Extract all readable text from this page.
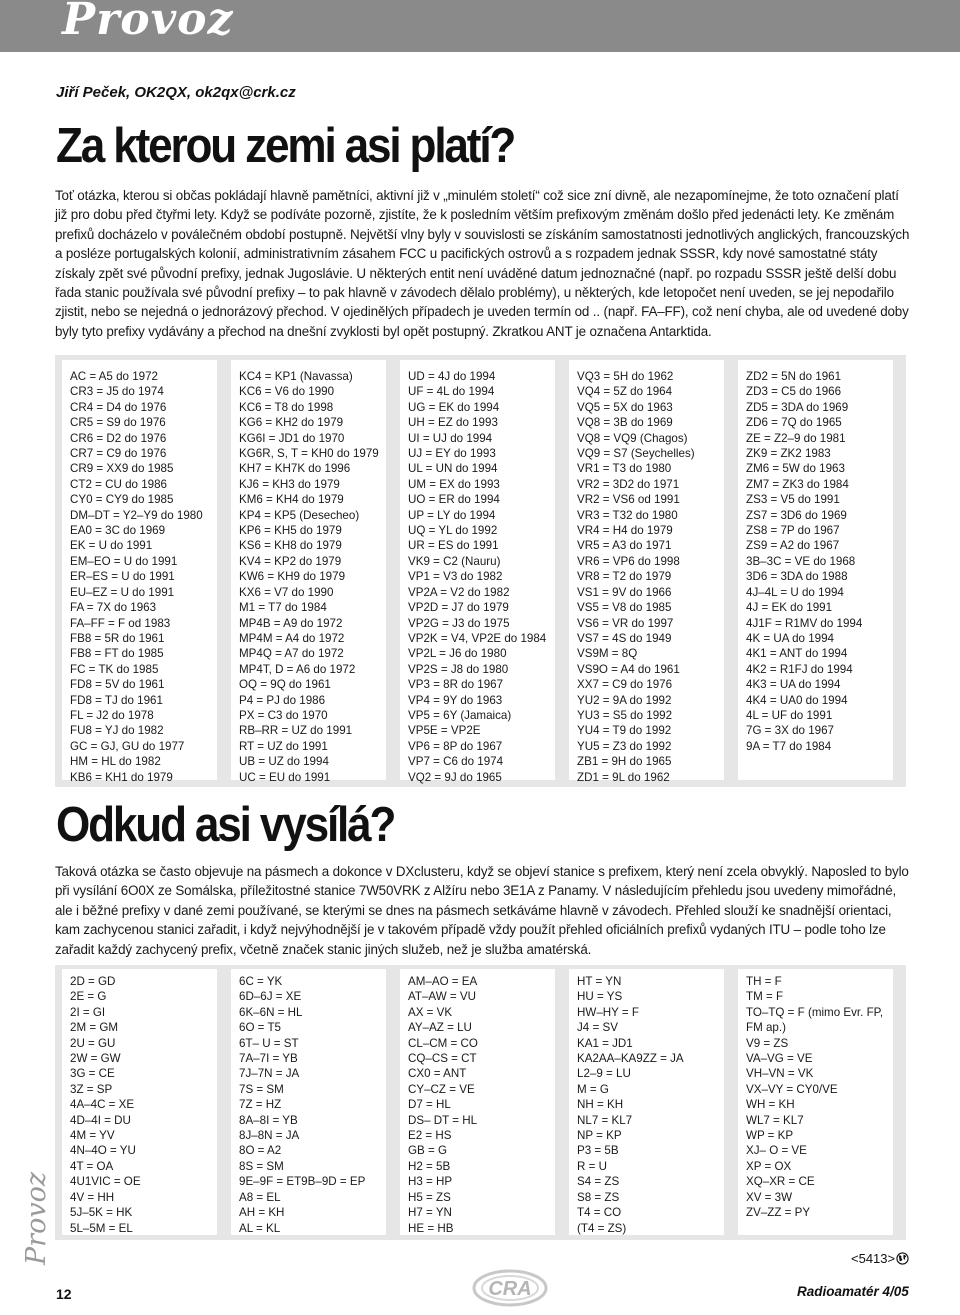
Provoz
Jiří Peček, OK2QX, ok2qx@crk.cz
Za kterou zemi asi platí?
Toť otázka, kterou si občas pokládají hlavně pamětníci, aktivní již v „minulém století“ což sice zní divně, ale nezapomínejme, že toto označení platí již pro dobu před čtyřmi lety. Když se podíváte pozorně, zjistíte, že k posledním větším prefixovým změnám došlo před jedenácti lety. Ke změnám prefixů docházelo v poválečném období postupně. Největší vlny byly v souvislosti se získáním samostatnosti jednotlivých anglických, francouzských a posléze portugalských kolonií, administrativním zásahem FCC u pacifických ostrovů a s rozpadem jednak SSSR, kdy nové samostatné státy získaly zpět své původní prefixy, jednak Jugoslávie. U některých entit není uváděné datum jednoznačné (např. po rozpadu SSSR ještě delší dobu řada stanic používala své původní prefixy – to pak hlavně v závodech dělalo problémy), u některých, kde letopočet není uveden, se jej nepodařilo zjistit, nebo se nejedná o jednorázový přechod. V ojedinělých případech je uveden termín od .. (např. FA–FF), což není chyba, ale od uvedené doby byly tyto prefixy vydávány a přechod na dnešní zvyklosti byl opět postupný. Zkratkou ANT je označena Antarktida.
AC = A5 do 1972
CR3 = J5 do 1974
CR4 = D4 do 1976
CR5 = S9 do 1976
CR6 = D2 do 1976
CR7 = C9 do 1976
CR9 = XX9 do 1985
CT2 = CU do 1986
CY0 = CY9 do 1985
DM–DT = Y2–Y9 do 1980
EA0 = 3C do 1969
EK = U do 1991
EM–EO = U do 1991
ER–ES = U do 1991
EU–EZ = U do 1991
FA = 7X do 1963
FA–FF = F od 1983
FB8 = 5R do 1961
FB8 = FT do 1985
FC = TK do 1985
FD8 = 5V do 1961
FD8 = TJ do 1961
FL = J2 do 1978
FU8 = YJ do 1982
GC = GJ, GU do 1977
HM = HL do 1982
KB6 = KH1 do 1979
KC4 = KP1 (Navassa)
KC6 = V6 do 1990
KC6 = T8 do 1998
KG6 = KH2 do 1979
KG6I = JD1 do 1970
KG6R, S, T = KH0 do 1979
KH7 = KH7K do 1996
KJ6 = KH3 do 1979
KM6 = KH4 do 1979
KP4 = KP5 (Desecheo)
KP6 = KH5 do 1979
KS6 = KH8 do 1979
KV4 = KP2 do 1979
KW6 = KH9 do 1979
KX6 = V7 do 1990
M1 = T7 do 1984
MP4B = A9 do 1972
MP4M = A4 do 1972
MP4Q = A7 do 1972
MP4T, D = A6 do 1972
OQ = 9Q do 1961
P4 = PJ do 1986
PX = C3 do 1970
RB–RR = UZ do 1991
RT = UZ do 1991
UB = UZ do 1994
UC = EU do 1991
UD = 4J do 1994
UF = 4L do 1994
UG = EK do 1994
UH = EZ do 1993
UI = UJ do 1994
UJ = EY do 1993
UL = UN do 1994
UM = EX do 1993
UO = ER do 1994
UP = LY do 1994
UQ = YL do 1992
UR = ES do 1991
VK9 = C2 (Nauru)
VP1 = V3 do 1982
VP2A = V2 do 1982
VP2D = J7 do 1979
VP2G = J3 do 1975
VP2K = V4, VP2E do 1984
VP2L = J6 do 1980
VP2S = J8 do 1980
VP3 = 8R do 1967
VP4 = 9Y do 1963
VP5 = 6Y (Jamaica)
VP5E = VP2E
VP6 = 8P do 1967
VP7 = C6 do 1974
VQ2 = 9J do 1965
VQ3 = 5H do 1962
VQ4 = 5Z do 1964
VQ5 = 5X do 1963
VQ8 = 3B do 1969
VQ8 = VQ9 (Chagos)
VQ9 = S7 (Seychelles)
VR1 = T3 do 1980
VR2 = 3D2 do 1971
VR2 = VS6 od 1991
VR3 = T32 do 1980
VR4 = H4 do 1979
VR5 = A3 do 1971
VR6 = VP6 do 1998
VR8 = T2 do 1979
VS1 = 9V do 1966
VS5 = V8 do 1985
VS6 = VR do 1997
VS7 = 4S do 1949
VS9M = 8Q
VS9O = A4 do 1961
XX7 = C9 do 1976
YU2 = 9A do 1992
YU3 = S5 do 1992
YU4 = T9 do 1992
YU5 = Z3 do 1992
ZB1 = 9H do 1965
ZD1 = 9L do 1962
ZD2 = 5N do 1961
ZD3 = C5 do 1966
ZD5 = 3DA do 1969
ZD6 = 7Q do 1965
ZE = Z2–9 do 1981
ZK9 = ZK2 1983
ZM6 = 5W do 1963
ZM7 = ZK3 do 1984
ZS3 = V5 do 1991
ZS7 = 3D6 do 1969
ZS8 = 7P do 1967
ZS9 = A2 do 1967
3B–3C = VE do 1968
3D6 = 3DA do 1988
4J–4L = U do 1994
4J = EK do 1991
4J1F = R1MV do 1994
4K = UA do 1994
4K1 = ANT do 1994
4K2 = R1FJ do 1994
4K3 = UA do 1994
4K4 = UA0 do 1994
4L = UF do 1991
7G = 3X do 1967
9A = T7 do 1984
Odkud asi vysílá?
Taková otázka se často objevuje na pásmech a dokonce v DXclusteru, když se objeví stanice s prefixem, který není zcela obvyklý. Naposled to bylo při vysílání 6O0X ze Somálska, příležitostné stanice 7W50VRK z Alžíru nebo 3E1A z Panamy. V následujícím přehledu jsou uvedeny mimořádné, ale i běžné prefixy v dané zemi používané, se kterými se dnes na pásmech setkáváme hlavně v závodech. Přehled slouží ke snadnější orientaci, kam zachycenou stanici zařadit, i když nejvýhodnější je v takovém případě vždy použít přehled oficiálních prefixů vydaných ITU – podle toho lze zařadit každý zachycený prefix, včetně značek stanic jiných služeb, než je služba amatérská.
2D = GD
2E = G
2I = GI
2M = GM
2U = GU
2W = GW
3G = CE
3Z = SP
4A–4C = XE
4D–4I = DU
4M = YV
4N–4O = YU
4T = OA
4U1VIC = OE
4V = HH
5J–5K = HK
5L–5M = EL
6C = YK
6D–6J = XE
6K–6N = HL
6O = T5
6T– U = ST
7A–7I = YB
7J–7N = JA
7S = SM
7Z = HZ
8A–8I = YB
8J–8N = JA
8O = A2
8S = SM
9E–9F = ET9B–9D = EP
A8 = EL
AH = KH
AL = KL
AM–AO = EA
AT–AW = VU
AX = VK
AY–AZ = LU
CL–CM = CO
CQ–CS = CT
CX0 = ANT
CY–CZ = VE
D7 = HL
DS– DT = HL
E2 = HS
GB = G
H2 = 5B
H3 = HP
H5 = ZS
H7 = YN
HE = HB
HT = YN
HU = YS
HW–HY = F
J4 = SV
KA1 = JD1
KA2AA–KA9ZZ = JA
L2–9 = LU
M = G
NH = KH
NL7 = KL7
NP = KP
P3 = 5B
R = U
S4 = ZS
S8 = ZS
T4 = CO
(T4 = ZS)
TH = F
TM = F
TO–TQ = F (mimo Evr. FP, FM ap.)
V9 = ZS
VA–VG = VE
VH–VN = VK
VX–VY = CY0/VE
WH = KH
WL7 = KL7
WP = KP
XJ– O = VE
XP = OX
XQ–XR = CE
XV = 3W
ZV–ZZ = PY
Provoz
12	CRA	Radioamatér 4/05
<5413>
